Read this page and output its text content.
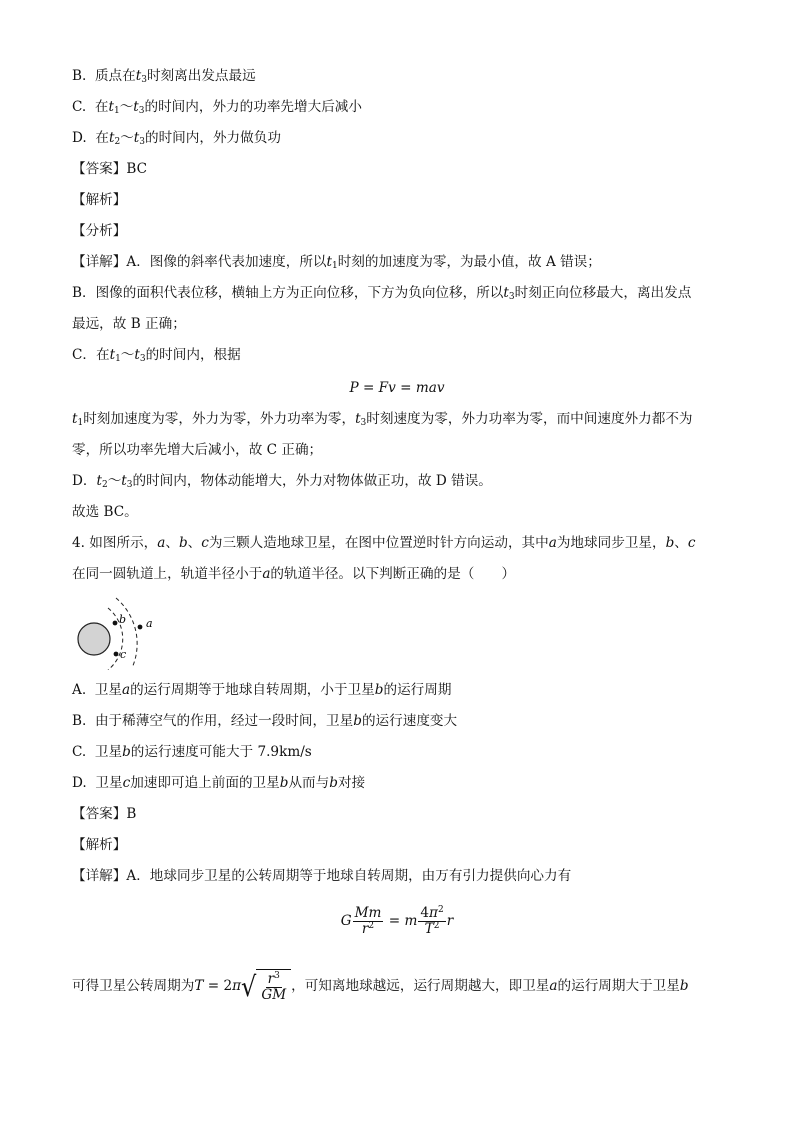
B. 质点在$t_3$时刻离出发点最远
C. 在$t_1\sim t_3$的时间内，外力的功率先增大后减小
D. 在$t_2\sim t_3$的时间内，外力做负功
【答案】BC
【解析】
【分析】
【详解】A．图像的斜率代表加速度，所以$t_1$时刻的加速度为零，为最小值，故 A 错误；
B．图像的面积代表位移，横轴上方为正向位移，下方为负向位移，所以$t_3$时刻正向位移最大，离出发点
最远，故 B 正确；
C．在$t_1\sim t_3$的时间内，根据
P = Fv = mav
$t_1$时刻加速度为零，外力为零，外力功率为零，$t_3$时刻速度为零，外力功率为零，而中间速度外力都不为
零，所以功率先增大后减小，故 C 正确；
D．$t_2\sim t_3$的时间内，物体动能增大，外力对物体做正功，故 D 错误。
故选 BC。
4. 如图所示，a、b、c为三颗人造地球卫星，在图中位置逆时针方向运动，其中a为地球同步卫星，b、c
在同一圆轨道上，轨道半径小于a的轨道半径。以下判断正确的是（　　）
b
c
a
A. 卫星a的运行周期等于地球自转周期，小于卫星b的运行周期
B. 由于稀薄空气的作用，经过一段时间，卫星b的运行速度变大
C. 卫星b的运行速度可能大于 7.9km/s
D. 卫星c加速即可追上前面的卫星b从而与b对接
【答案】B
【解析】
【详解】A．地球同步卫星的公转周期等于地球自转周期，由万有引力提供向心力有
G $\frac{Mm}{r^2} = m \frac{4\pi^2}{T^2}$ r
可得卫星公转周期为T = 2π √ $\frac{r^3}{GM}$ ，可知离地球越远，运行周期越大，即卫星a的运行周期大于卫星b
